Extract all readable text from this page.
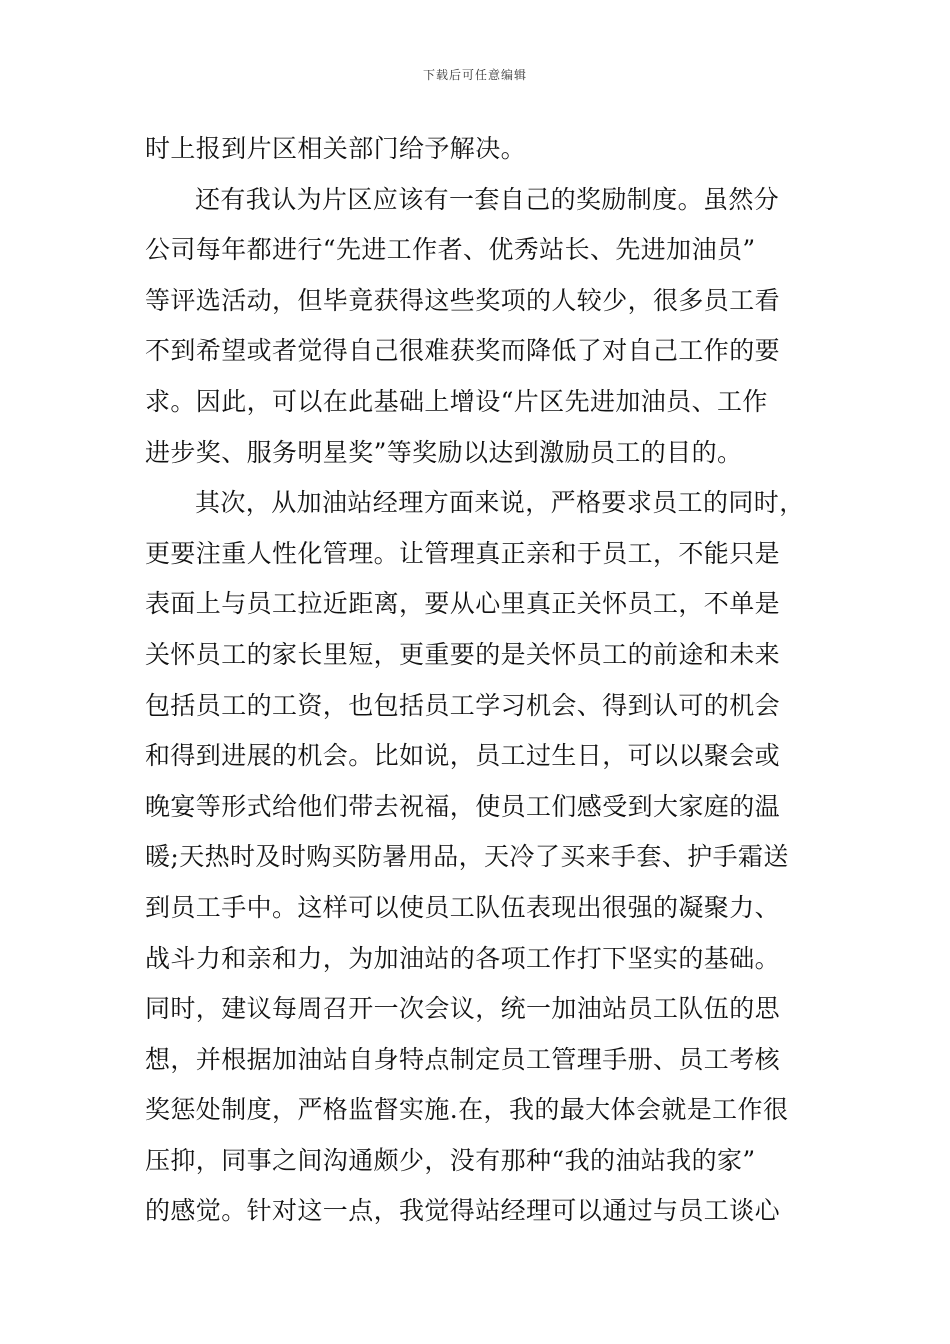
下载后可任意编辑
时上报到片区相关部门给予解决。
还有我认为片区应该有一套自己的奖励制度。虽然分
公司每年都进行“先进工作者、优秀站长、先进加油员”
等评选活动，但毕竟获得这些奖项的人较少，很多员工看
不到希望或者觉得自己很难获奖而降低了对自己工作的要
求。因此，可以在此基础上增设“片区先进加油员、工作
进步奖、服务明星奖”等奖励以达到激励员工的目的。
其次，从加油站经理方面来说，严格要求员工的同时，
更要注重人性化管理。让管理真正亲和于员工，不能只是
表面上与员工拉近距离，要从心里真正关怀员工，不单是
关怀员工的家长里短，更重要的是关怀员工的前途和未来
包括员工的工资，也包括员工学习机会、得到认可的机会
和得到进展的机会。比如说，员工过生日，可以以聚会或
晚宴等形式给他们带去祝福，使员工们感受到大家庭的温
暖;天热时及时购买防暑用品，天冷了买来手套、护手霜送
到员工手中。这样可以使员工队伍表现出很强的凝聚力、
战斗力和亲和力，为加油站的各项工作打下坚实的基础。
同时，建议每周召开一次会议，统一加油站员工队伍的思
想，并根据加油站自身特点制定员工管理手册、员工考核
奖惩处制度，严格监督实施.在，我的最大体会就是工作很
压抑，同事之间沟通颇少，没有那种“我的油站我的家”
的感觉。针对这一点，我觉得站经理可以通过与员工谈心
